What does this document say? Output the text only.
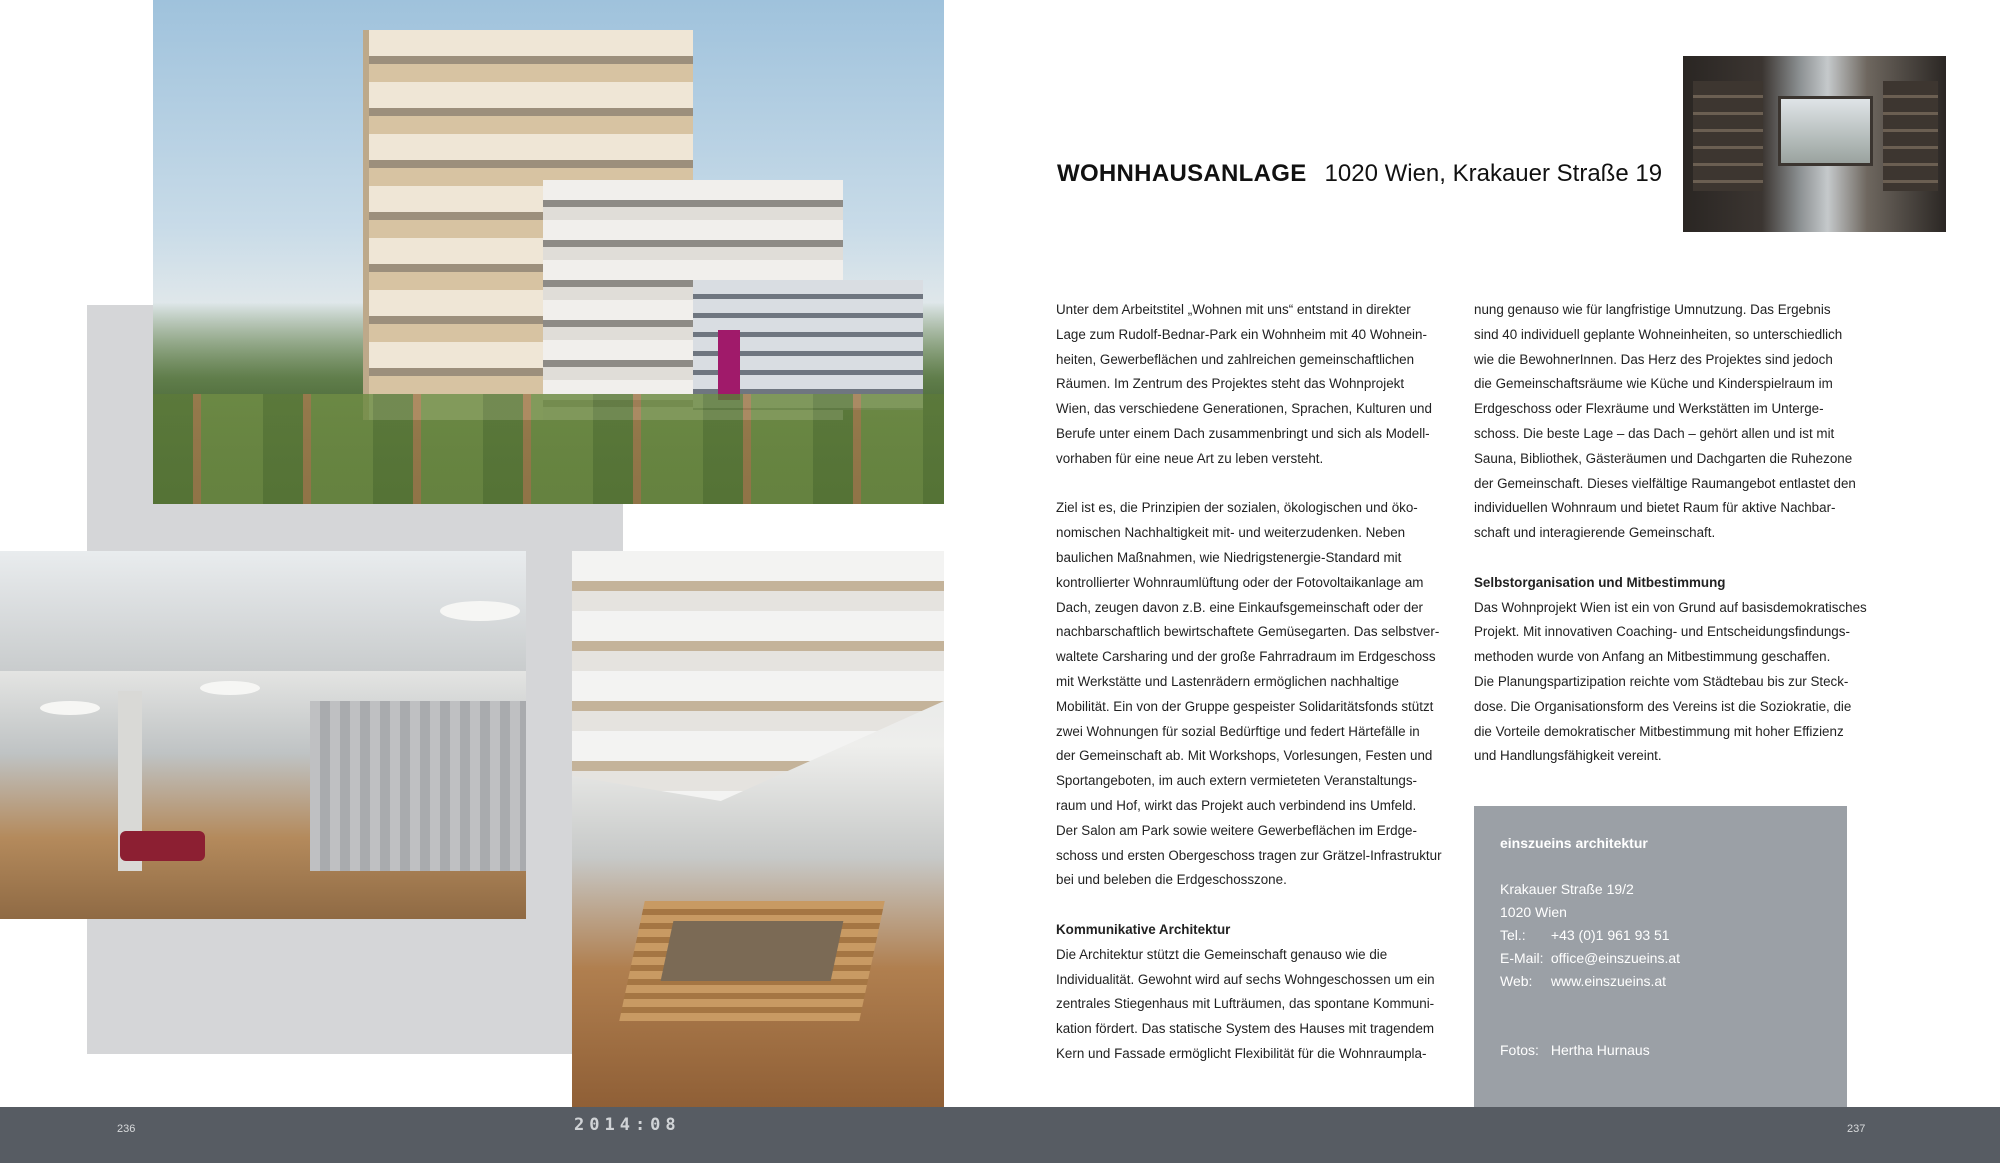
WOHNHAUSANLAGE 1020 Wien, Krakauer Straße 19

Unter dem Arbeitstitel „Wohnen mit uns“ entstand in direkter

Lage zum Rudolf-Bednar-Park ein Wohnheim mit 40 Wohnein-

heiten, Gewerbeflächen und zahlreichen gemeinschaftlichen

Räumen. Im Zentrum des Projektes steht das Wohnprojekt

Wien, das verschiedene Generationen, Sprachen, Kulturen und

Berufe unter einem Dach zusammenbringt und sich als Modell-

vorhaben für eine neue Art zu leben versteht.

Ziel ist es, die Prinzipien der sozialen, ökologischen und öko-

nomischen Nachhaltigkeit mit- und weiterzudenken. Neben

baulichen Maßnahmen, wie Niedrigstenergie-Standard mit

kontrollierter Wohnraumlüftung oder der Fotovoltaikanlage am

Dach, zeugen davon z.B. eine Einkaufsgemeinschaft oder der

nachbarschaftlich bewirtschaftete Gemüsegarten. Das selbstver-

waltete Carsharing und der große Fahrradraum im Erdgeschoss

mit Werkstätte und Lastenrädern ermöglichen nachhaltige

Mobilität. Ein von der Gruppe gespeister Solidaritätsfonds stützt

zwei Wohnungen für sozial Bedürftige und federt Härtefälle in

der Gemeinschaft ab. Mit Workshops, Vorlesungen, Festen und

Sportangeboten, im auch extern vermieteten Veranstaltungs-

raum und Hof, wirkt das Projekt auch verbindend ins Umfeld.

Der Salon am Park sowie weitere Gewerbeflächen im Erdge-

schoss und ersten Obergeschoss tragen zur Grätzel-Infrastruktur

bei und beleben die Erdgeschosszone.

Kommunikative Architektur

Die Architektur stützt die Gemeinschaft genauso wie die

Individualität. Gewohnt wird auf sechs Wohngeschossen um ein

zentrales Stiegenhaus mit Lufträumen, das spontane Kommuni-

kation fördert. Das statische System des Hauses mit tragendem

Kern und Fassade ermöglicht Flexibilität für die Wohnraumpla-

nung genauso wie für langfristige Umnutzung. Das Ergebnis

sind 40 individuell geplante Wohneinheiten, so unterschiedlich

wie die BewohnerInnen. Das Herz des Projektes sind jedoch

die Gemeinschaftsräume wie Küche und Kinderspielraum im

Erdgeschoss oder Flexräume und Werkstätten im Unterge-

schoss. Die beste Lage – das Dach – gehört allen und ist mit

Sauna, Bibliothek, Gästeräumen und Dachgarten die Ruhezone

der Gemeinschaft. Dieses vielfältige Raumangebot entlastet den

individuellen Wohnraum und bietet Raum für aktive Nachbar-

schaft und interagierende Gemeinschaft.

Selbstorganisation und Mitbestimmung

Das Wohnprojekt Wien ist ein von Grund auf basisdemokratisches

Projekt. Mit innovativen Coaching- und Entscheidungsfindungs-

methoden wurde von Anfang an Mitbestimmung geschaffen.

Die Planungspartizipation reichte vom Städtebau bis zur Steck-

dose. Die Organisationsform des Vereins ist die Soziokratie, die

die Vorteile demokratischer Mitbestimmung mit hoher Effizienz

und Handlungsfähigkeit vereint.

einszueins architektur
Krakauer Straße 19/2
1020 Wien
Tel.: +43 (0)1 961 93 51
E-Mail: office@einszueins.at
Web: www.einszueins.at
Fotos: Hertha Hurnaus
236	2014:08	237
